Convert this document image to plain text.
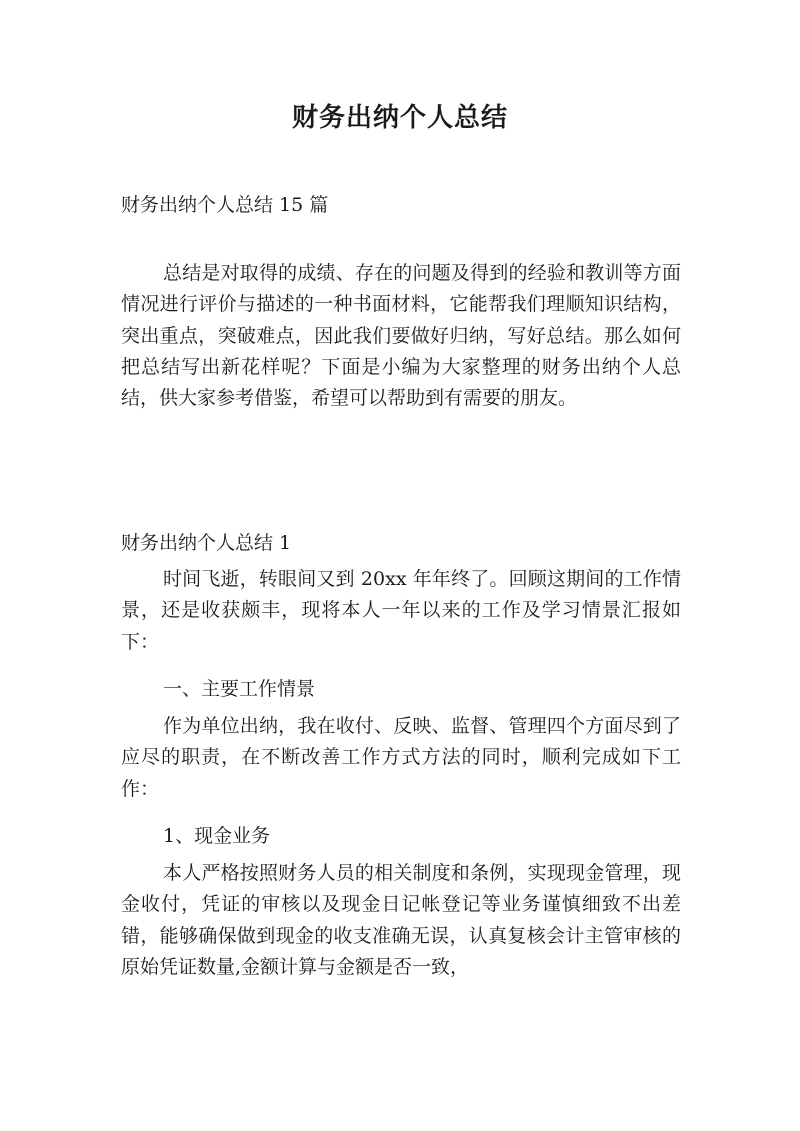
财务出纳个人总结

财务出纳个人总结 15 篇

总结是对取得的成绩、存在的问题及得到的经验和教训等方面情况进行评价与描述的一种书面材料，它能帮我们理顺知识结构，突出重点，突破难点，因此我们要做好归纳，写好总结。那么如何把总结写出新花样呢？下面是小编为大家整理的财务出纳个人总结，供大家参考借鉴，希望可以帮助到有需要的朋友。

财务出纳个人总结 1

时间飞逝，转眼间又到 20xx 年年终了。回顾这期间的工作情景，还是收获颇丰，现将本人一年以来的工作及学习情景汇报如下：

一、主要工作情景

作为单位出纳，我在收付、反映、监督、管理四个方面尽到了应尽的职责，在不断改善工作方式方法的同时，顺利完成如下工作：

1、现金业务

本人严格按照财务人员的相关制度和条例，实现现金管理，现金收付，凭证的审核以及现金日记帐登记等业务谨慎细致不出差错，能够确保做到现金的收支准确无误，认真复核会计主管审核的原始凭证数量,金额计算与金额是否一致，
